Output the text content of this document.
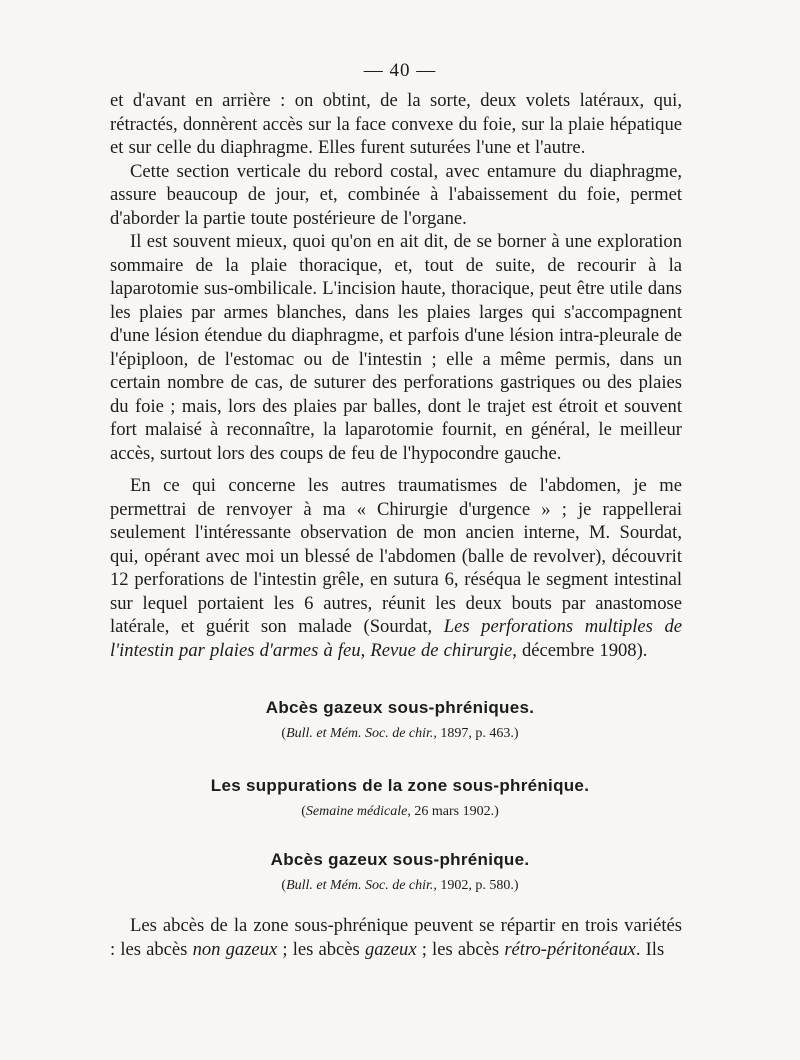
— 40 —

et d'avant en arrière : on obtint, de la sorte, deux volets latéraux, qui, rétractés, donnèrent accès sur la face convexe du foie, sur la plaie hépatique et sur celle du diaphragme. Elles furent suturées l'une et l'autre.

Cette section verticale du rebord costal, avec entamure du diaphragme, assure beaucoup de jour, et, combinée à l'abaissement du foie, permet d'aborder la partie toute postérieure de l'organe.

Il est souvent mieux, quoi qu'on en ait dit, de se borner à une exploration sommaire de la plaie thoracique, et, tout de suite, de recourir à la laparotomie sus-ombilicale. L'incision haute, thoracique, peut être utile dans les plaies par armes blanches, dans les plaies larges qui s'accompagnent d'une lésion étendue du diaphragme, et parfois d'une lésion intra-pleurale de l'épiploon, de l'estomac ou de l'intestin ; elle a même permis, dans un certain nombre de cas, de suturer des perforations gastriques ou des plaies du foie ; mais, lors des plaies par balles, dont le trajet est étroit et souvent fort malaisé à reconnaître, la laparotomie fournit, en général, le meilleur accès, surtout lors des coups de feu de l'hypocondre gauche.

En ce qui concerne les autres traumatismes de l'abdomen, je me permettrai de renvoyer à ma « Chirurgie d'urgence » ; je rappellerai seulement l'intéressante observation de mon ancien interne, M. Sourdat, qui, opérant avec moi un blessé de l'abdomen (balle de revolver), découvrit 12 perforations de l'intestin grêle, en sutura 6, réséqua le segment intestinal sur lequel portaient les 6 autres, réunit les deux bouts par anastomose latérale, et guérit son malade (Sourdat, Les perforations multiples de l'intestin par plaies d'armes à feu, Revue de chirurgie, décembre 1908).

Abcès gazeux sous-phréniques.
(Bull. et Mém. Soc. de chir., 1897, p. 463.)
Les suppurations de la zone sous-phrénique.
(Semaine médicale, 26 mars 1902.)
Abcès gazeux sous-phrénique.
(Bull. et Mém. Soc. de chir., 1902, p. 580.)

Les abcès de la zone sous-phrénique peuvent se répartir en trois variétés : les abcès non gazeux ; les abcès gazeux ; les abcès rétro-péritonéaux. Ils
